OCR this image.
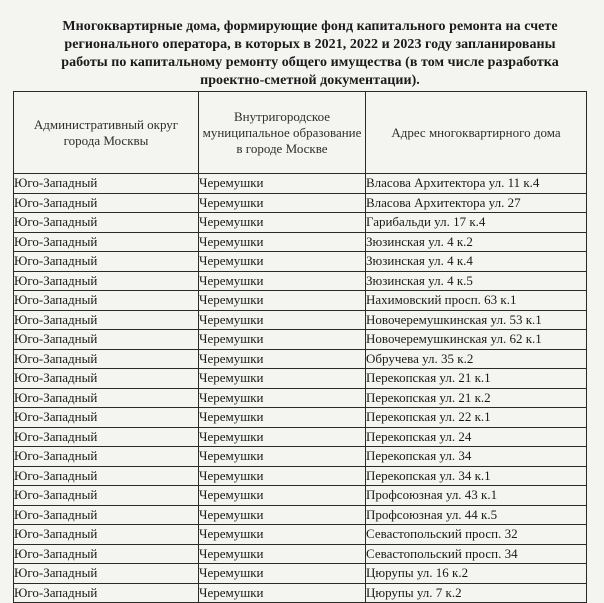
Многоквартирные дома, формирующие фонд капитального ремонта на счете регионального оператора, в которых в 2021, 2022 и 2023 году запланированы работы по капитальному ремонту общего имущества (в том числе разработка проектно-сметной документации).
Административный округ города Москвы	Внутригородское муниципальное образование в городе Москве	Адрес многоквартирного дома
Юго-Западный	Черемушки	Власова Архитектора ул. 11 к.4
Юго-Западный	Черемушки	Власова Архитектора ул. 27
Юго-Западный	Черемушки	Гарибальди ул. 17 к.4
Юго-Западный	Черемушки	Зюзинская ул. 4 к.2
Юго-Западный	Черемушки	Зюзинская ул. 4 к.4
Юго-Западный	Черемушки	Зюзинская ул. 4 к.5
Юго-Западный	Черемушки	Нахимовский просп. 63 к.1
Юго-Западный	Черемушки	Новочеремушкинская ул. 53 к.1
Юго-Западный	Черемушки	Новочеремушкинская ул. 62 к.1
Юго-Западный	Черемушки	Обручева ул. 35 к.2
Юго-Западный	Черемушки	Перекопская ул. 21 к.1
Юго-Западный	Черемушки	Перекопская ул. 21 к.2
Юго-Западный	Черемушки	Перекопская ул. 22 к.1
Юго-Западный	Черемушки	Перекопская ул. 24
Юго-Западный	Черемушки	Перекопская ул. 34
Юго-Западный	Черемушки	Перекопская ул. 34 к.1
Юго-Западный	Черемушки	Профсоюзная ул. 43 к.1
Юго-Западный	Черемушки	Профсоюзная ул. 44 к.5
Юго-Западный	Черемушки	Севастопольский просп. 32
Юго-Западный	Черемушки	Севастопольский просп. 34
Юго-Западный	Черемушки	Цюрупы ул. 16 к.2
Юго-Западный	Черемушки	Цюрупы ул. 7 к.2
